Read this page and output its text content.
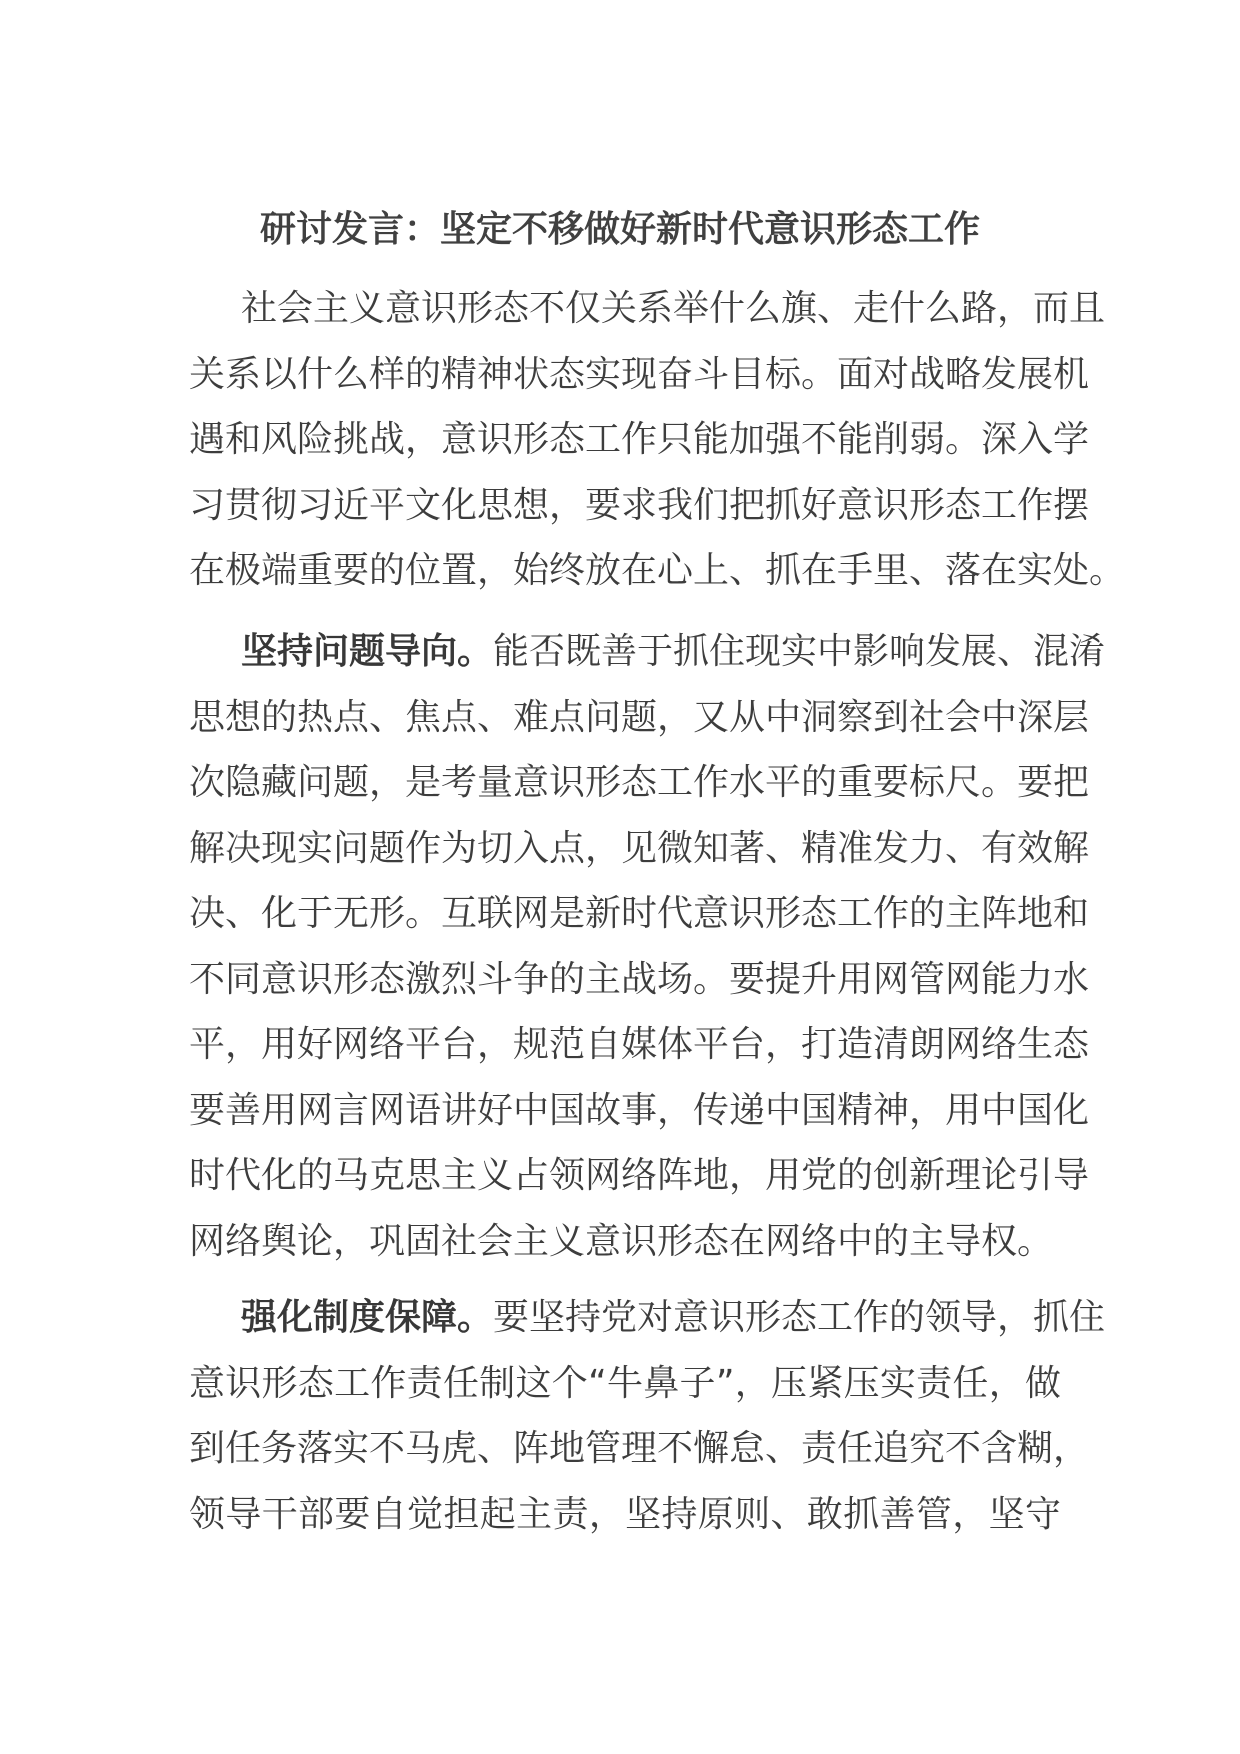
研讨发言：坚定不移做好新时代意识形态工作
社会主义意识形态不仅关系举什么旗、走什么路，而且
关系以什么样的精神状态实现奋斗目标。面对战略发展机
遇和风险挑战，意识形态工作只能加强不能削弱。深入学
习贯彻习近平文化思想，要求我们把抓好意识形态工作摆
在极端重要的位置，始终放在心上、抓在手里、落在实处。
坚持问题导向。能否既善于抓住现实中影响发展、混淆
思想的热点、焦点、难点问题，又从中洞察到社会中深层
次隐藏问题，是考量意识形态工作水平的重要标尺。要把
解决现实问题作为切入点，见微知著、精准发力、有效解
决、化于无形。互联网是新时代意识形态工作的主阵地和
不同意识形态激烈斗争的主战场。要提升用网管网能力水
平，用好网络平台，规范自媒体平台，打造清朗网络生态
要善用网言网语讲好中国故事，传递中国精神，用中国化
时代化的马克思主义占领网络阵地，用党的创新理论引导
网络舆论，巩固社会主义意识形态在网络中的主导权。
强化制度保障。要坚持党对意识形态工作的领导，抓住
意识形态工作责任制这个“牛鼻子”，压紧压实责任，做
到任务落实不马虎、阵地管理不懈怠、责任追究不含糊，
领导干部要自觉担起主责，坚持原则、敢抓善管，坚守
